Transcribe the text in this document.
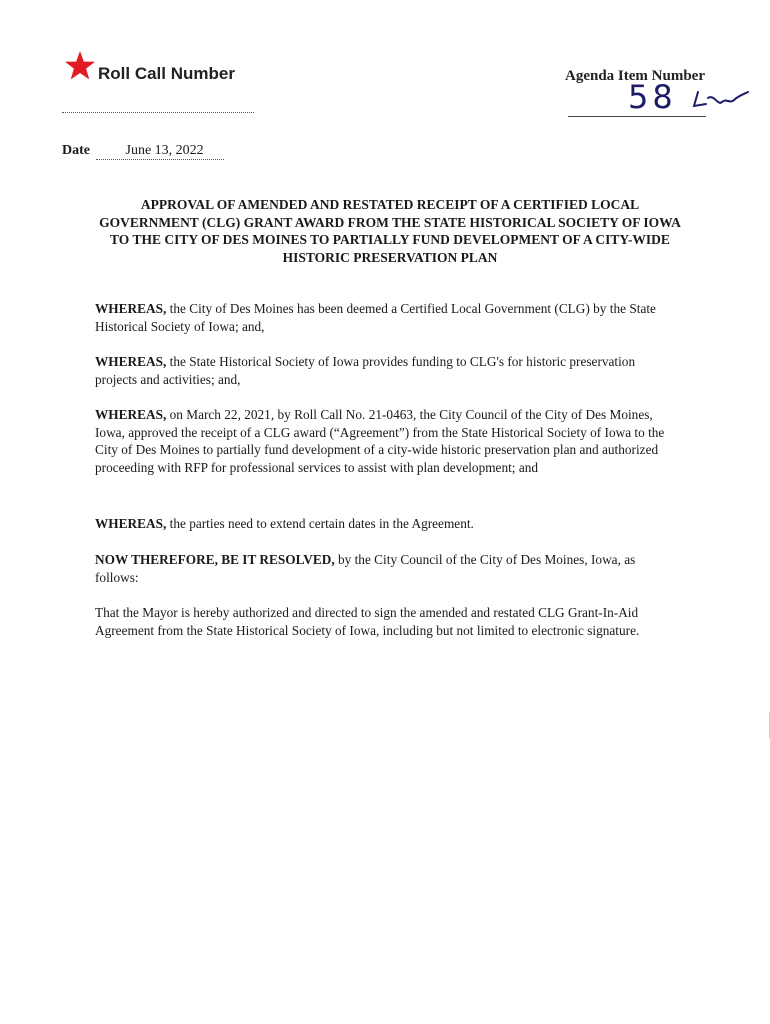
Roll Call Number	Agenda Item Number
58
Date	June 13, 2022
APPROVAL OF AMENDED AND RESTATED RECEIPT OF A CERTIFIED LOCAL GOVERNMENT (CLG) GRANT AWARD FROM THE STATE HISTORICAL SOCIETY OF IOWA TO THE CITY OF DES MOINES TO PARTIALLY FUND DEVELOPMENT OF A CITY-WIDE HISTORIC PRESERVATION PLAN

WHEREAS, the City of Des Moines has been deemed a Certified Local Government (CLG) by the State Historical Society of Iowa; and,

WHEREAS, the State Historical Society of Iowa provides funding to CLG's for historic preservation projects and activities; and,

WHEREAS, on March 22, 2021, by Roll Call No. 21-0463, the City Council of the City of Des Moines, Iowa, approved the receipt of a CLG award (“Agreement”) from the State Historical Society of Iowa to the City of Des Moines to partially fund development of a city-wide historic preservation plan and authorized proceeding with RFP for professional services to assist with plan development; and

WHEREAS, the parties need to extend certain dates in the Agreement.

NOW THEREFORE, BE IT RESOLVED, by the City Council of the City of Des Moines, Iowa, as follows:

That the Mayor is hereby authorized and directed to sign the amended and restated CLG Grant-In-Aid Agreement from the State Historical Society of Iowa, including but not limited to electronic signature.
